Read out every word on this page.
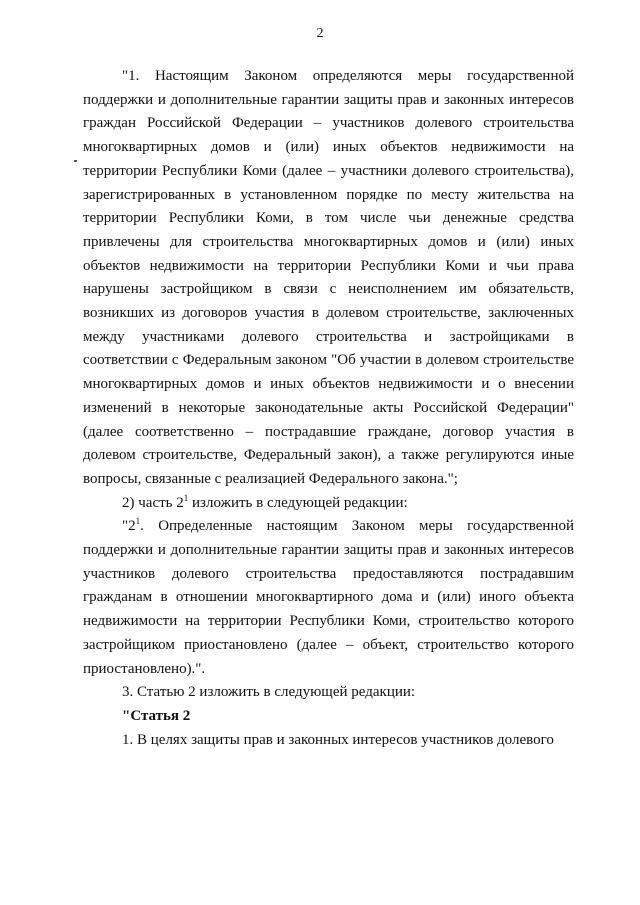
2

"1. Настоящим Законом определяются меры государственной поддержки и дополнительные гарантии защиты прав и законных интересов граждан Российской Федерации – участников долевого строительства многоквартирных домов и (или) иных объектов недвижимости на территории Республики Коми (далее – участники долевого строительства), зарегистрированных в установленном порядке по месту жительства на территории Республики Коми, в том числе чьи денежные средства привлечены для строительства многоквартирных домов и (или) иных объектов недвижимости на территории Республики Коми и чьи права нарушены застройщиком в связи с неисполнением им обязательств, возникших из договоров участия в долевом строительстве, заключенных между участниками долевого строительства и застройщиками в соответствии с Федеральным законом "Об участии в долевом строительстве многоквартирных домов и иных объектов недвижимости и о внесении изменений в некоторые законодательные акты Российской Федерации" (далее соответственно – пострадавшие граждане, договор участия в долевом строительстве, Федеральный закон), а также регулируются иные вопросы, связанные с реализацией Федерального закона.";

2) часть $2^1$ изложить в следующей редакции:

"$2^1$. Определенные настоящим Законом меры государственной поддержки и дополнительные гарантии защиты прав и законных интересов участников долевого строительства предоставляются пострадавшим гражданам в отношении многоквартирного дома и (или) иного объекта недвижимости на территории Республики Коми, строительство которого застройщиком приостановлено (далее – объект, строительство которого приостановлено).".

3. Статью 2 изложить в следующей редакции:

"Статья 2

1. В целях защиты прав и законных интересов участников долевого
